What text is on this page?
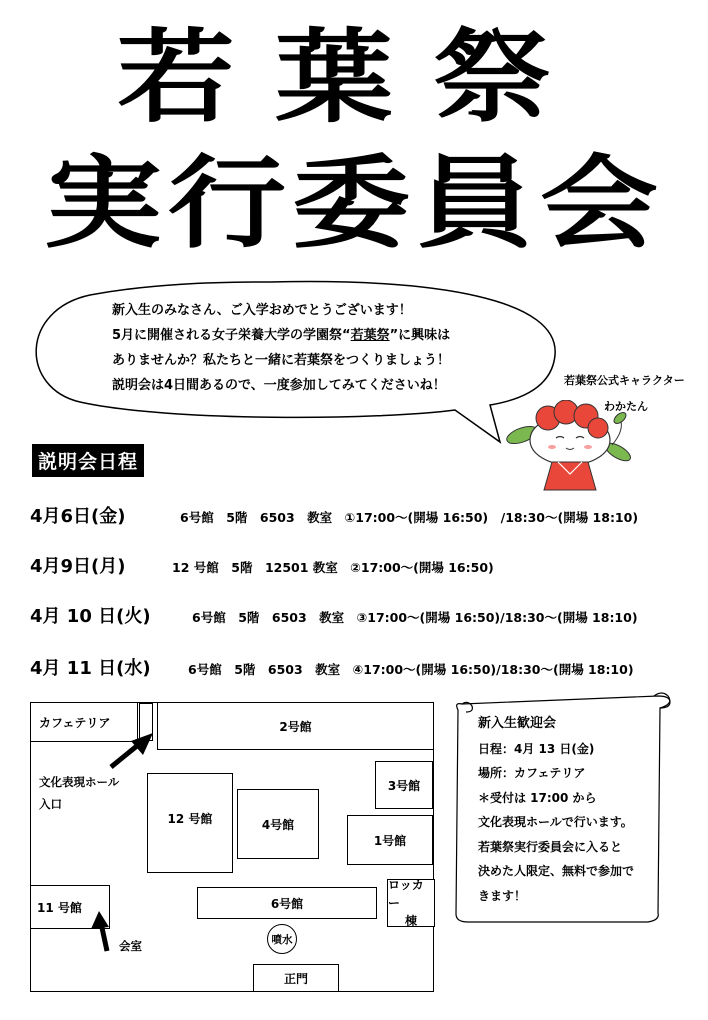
若葉祭
実行委員会
新入生のみなさん、ご入学おめでとうございます！
5月に開催される女子栄養大学の学園祭“若葉祭”に興味は
ありませんか？私たちと一緒に若葉祭をつくりましょう！
説明会は4日間あるので、一度参加してみてくださいね！	若葉祭公式キャラクター
わかたん
説明会日程
4月6日(金)	6号館　5階　6503　教室　①17:00～(開場 16:50)　/18:30～(開場 18:10)
4月9日(月)	12 号館　5階　12501 教室　②17:00～(開場 16:50)
4月 10 日(火)	6号館　5階　6503　教室　③17:00～(開場 16:50)/18:30～(開場 18:10)
4月 11 日(水)	6号館　5階　6503　教室　④17:00～(開場 16:50)/18:30～(開場 18:10)
カフェテリア	2号館
文化表現ホール
入口
3号館
12 号館	4号館
1号館
11 号館	6号館
ロッカー
棟
噴水
正門
会室
新入生歓迎会
日程：4月 13 日(金)
場所：カフェテリア
＊受付は 17:00 から
文化表現ホールで行います。
若葉祭実行委員会に入ると
決めた人限定、無料で参加で
きます！
